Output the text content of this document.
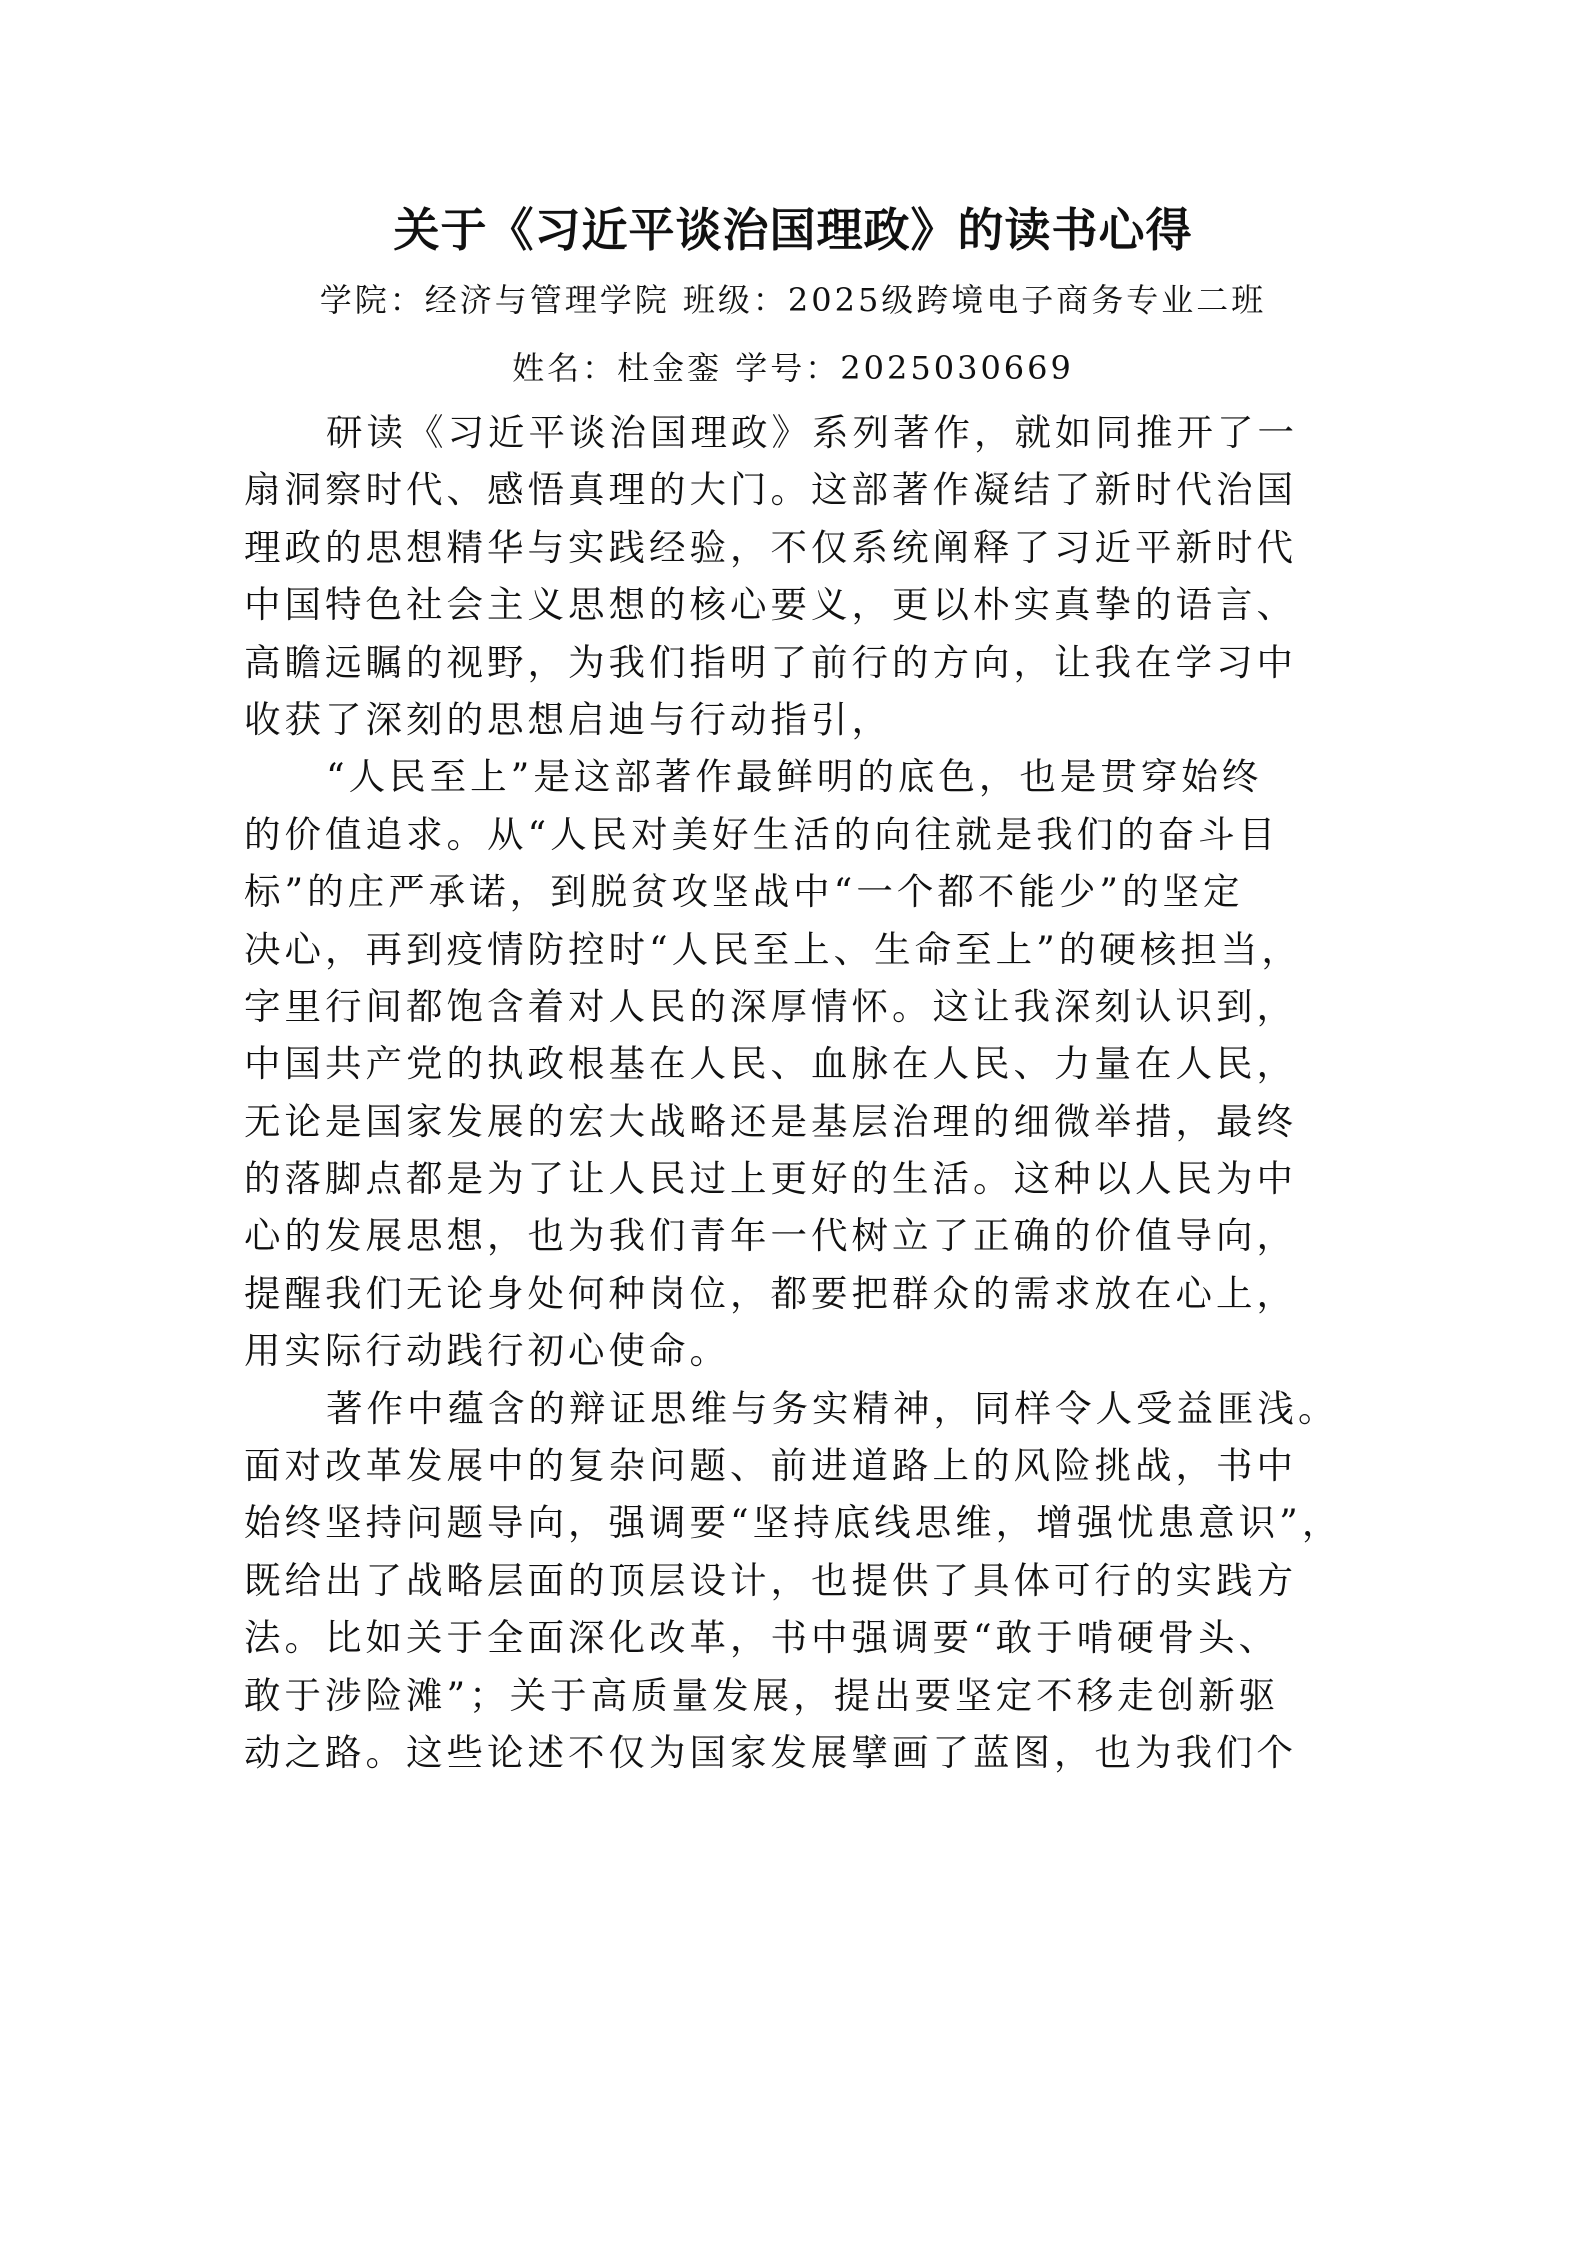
关于《习近平谈治国理政》的读书心得
学院：经济与管理学院 班级：2025级跨境电子商务专业二班
姓名：杜金銮 学号：2025030669
研读《习近平谈治国理政》系列著作，就如同推开了一
扇洞察时代、感悟真理的大门。这部著作凝结了新时代治国
理政的思想精华与实践经验，不仅系统阐释了习近平新时代
中国特色社会主义思想的核心要义，更以朴实真挚的语言、
高瞻远瞩的视野，为我们指明了前行的方向，让我在学习中
收获了深刻的思想启迪与行动指引，
“人民至上”是这部著作最鲜明的底色，也是贯穿始终
的价值追求。从“人民对美好生活的向往就是我们的奋斗目
标”的庄严承诺，到脱贫攻坚战中“一个都不能少”的坚定
决心，再到疫情防控时“人民至上、生命至上”的硬核担当，
字里行间都饱含着对人民的深厚情怀。这让我深刻认识到，
中国共产党的执政根基在人民、血脉在人民、力量在人民，
无论是国家发展的宏大战略还是基层治理的细微举措，最终
的落脚点都是为了让人民过上更好的生活。这种以人民为中
心的发展思想，也为我们青年一代树立了正确的价值导向，
提醒我们无论身处何种岗位，都要把群众的需求放在心上，
用实际行动践行初心使命。
著作中蕴含的辩证思维与务实精神，同样令人受益匪浅。
面对改革发展中的复杂问题、前进道路上的风险挑战，书中
始终坚持问题导向，强调要“坚持底线思维，增强忧患意识”，
既给出了战略层面的顶层设计，也提供了具体可行的实践方
法。比如关于全面深化改革，书中强调要“敢于啃硬骨头、
敢于涉险滩”；关于高质量发展，提出要坚定不移走创新驱
动之路。这些论述不仅为国家发展擘画了蓝图，也为我们个
